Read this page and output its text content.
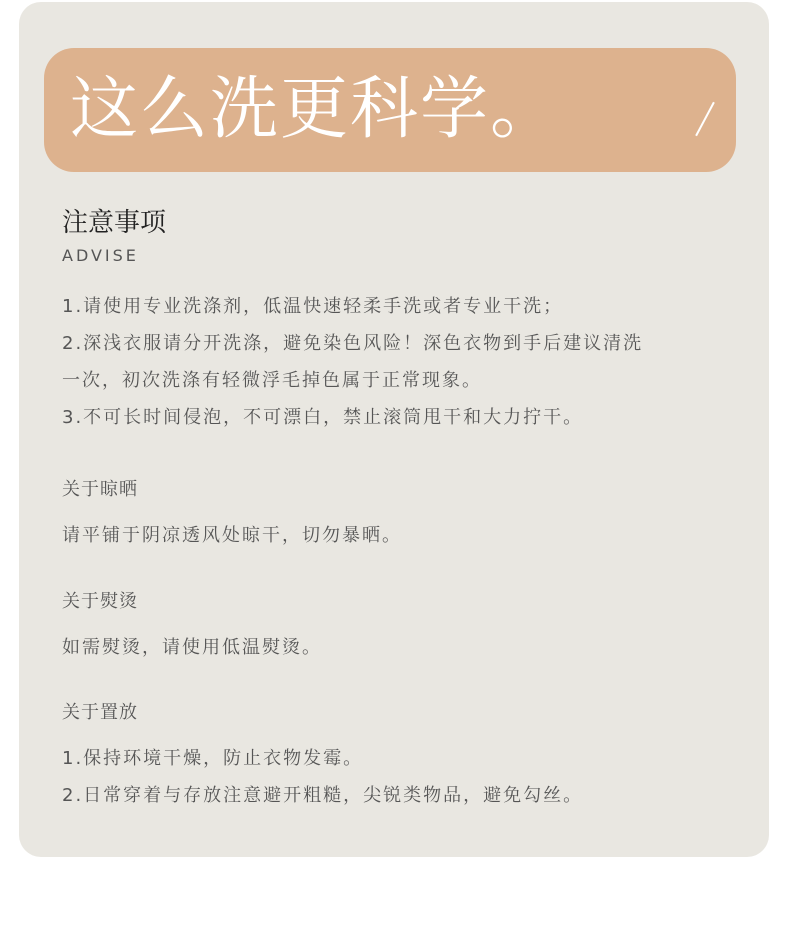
这么洗更科学。
注意事项
ADVISE
1.请使用专业洗涤剂，低温快速轻柔手洗或者专业干洗；
2.深浅衣服请分开洗涤，避免染色风险！深色衣物到手后建议清洗
一次，初次洗涤有轻微浮毛掉色属于正常现象。
3.不可长时间侵泡，不可漂白，禁止滚筒甩干和大力拧干。
关于晾晒
请平铺于阴凉透风处晾干，切勿暴晒。
关于熨烫
如需熨烫，请使用低温熨烫。
关于置放
1.保持环境干燥，防止衣物发霉。
2.日常穿着与存放注意避开粗糙，尖锐类物品，避免勾丝。
